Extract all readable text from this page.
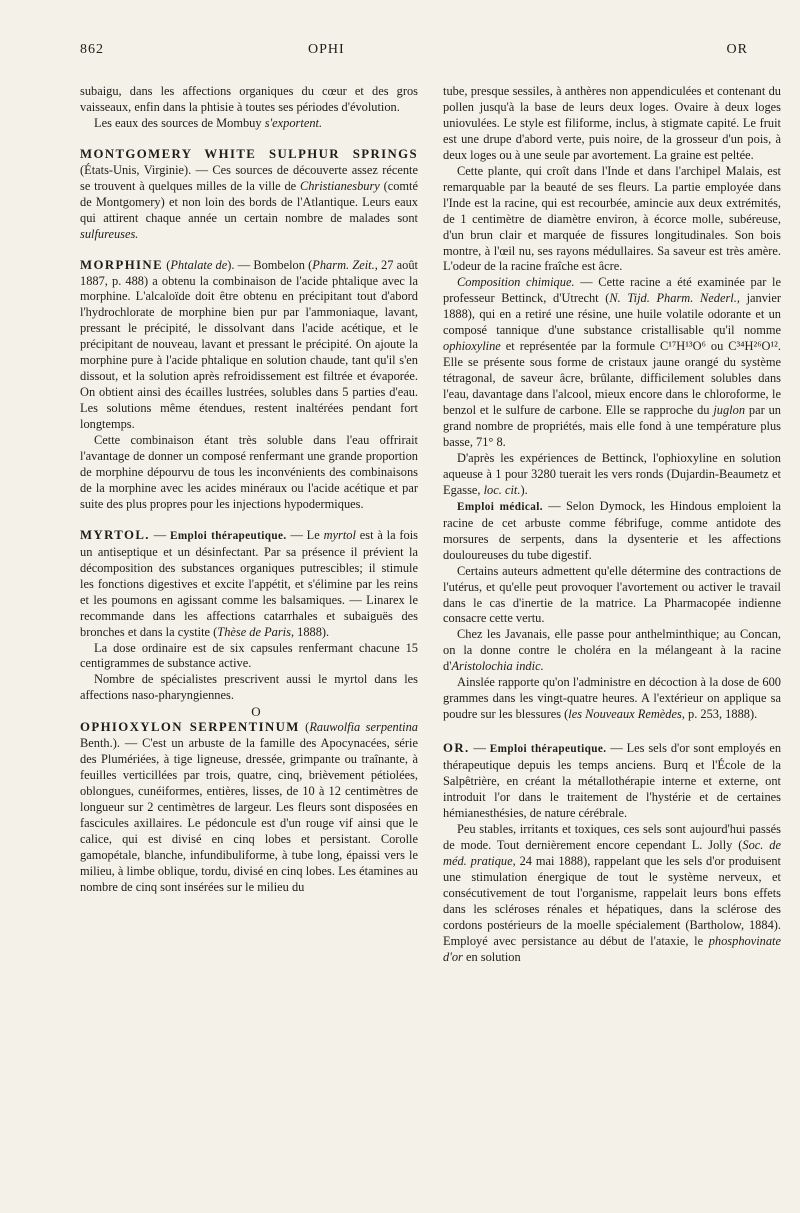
862	OPHI	OR

subaigu, dans les affections organiques du cœur et des gros vaisseaux, enfin dans la phtisie à toutes ses périodes d'évolution.

Les eaux des sources de Mombuy s'exportent.

MONTGOMERY WHITE SULPHUR SPRINGS (États-Unis, Virginie). — Ces sources de découverte assez récente se trouvent à quelques milles de la ville de Christianesbury (comté de Montgomery) et non loin des bords de l'Atlantique. Leurs eaux qui attirent chaque année un certain nombre de malades sont sulfureuses.

MORPHINE (Phtalate de). — Bombelon (Pharm. Zeit., 27 août 1887, p. 488) a obtenu la combinaison de l'acide phtalique avec la morphine. L'alcaloïde doit être obtenu en précipitant tout d'abord l'hydrochlorate de morphine bien pur par l'ammoniaque, lavant, pressant le précipité, le dissolvant dans l'acide acétique, et le précipitant de nouveau, lavant et pressant le précipité. On ajoute la morphine pure à l'acide phtalique en solution chaude, tant qu'il s'en dissout, et la solution après refroidissement est filtrée et évaporée. On obtient ainsi des écailles lustrées, solubles dans 5 parties d'eau. Les solutions même étendues, restent inaltérées pendant fort longtemps.

Cette combinaison étant très soluble dans l'eau offrirait l'avantage de donner un composé renfermant une grande proportion de morphine dépourvu de tous les inconvénients des combinaisons de la morphine avec les acides minéraux ou l'acide acétique et par suite des plus propres pour les injections hypodermiques.

MYRTOL. — Emploi thérapeutique. — Le myrtol est à la fois un antiseptique et un désinfectant. Par sa présence il prévient la décomposition des substances organiques putrescibles; il stimule les fonctions digestives et excite l'appétit, et s'élimine par les reins et les poumons en agissant comme les balsamiques. — Linarex le recommande dans les affections catarrhales et subaiguës des bronches et dans la cystite (Thèse de Paris, 1888).

La dose ordinaire est de six capsules renfermant chacune 15 centigrammes de substance active.

Nombre de spécialistes prescrivent aussi le myrtol dans les affections naso-pharyngiennes.

O

OPHIOXYLON SERPENTINUM (Rauwolfia serpentina Benth.). — C'est un arbuste de la famille des Apocynacées, série des Plumériées, à tige ligneuse, dressée, grimpante ou traînante, à feuilles verticillées par trois, quatre, cinq, brièvement pétiolées, oblongues, cunéiformes, entières, lisses, de 10 à 12 centimètres de longueur sur 2 centimètres de largeur. Les fleurs sont disposées en fascicules axillaires. Le pédoncule est d'un rouge vif ainsi que le calice, qui est divisé en cinq lobes et persistant. Corolle gamopétale, blanche, infundibuliforme, à tube long, épaissi vers le milieu, à limbe oblique, tordu, divisé en cinq lobes. Les étamines au nombre de cinq sont insérées sur le milieu du

tube, presque sessiles, à anthères non appendiculées et contenant du pollen jusqu'à la base de leurs deux loges. Ovaire à deux loges uniovulées. Le style est filiforme, inclus, à stigmate capité. Le fruit est une drupe d'abord verte, puis noire, de la grosseur d'un pois, à deux loges ou à une seule par avortement. La graine est peltée.

Cette plante, qui croît dans l'Inde et dans l'archipel Malais, est remarquable par la beauté de ses fleurs. La partie employée dans l'Inde est la racine, qui est recourbée, amincie aux deux extrémités, de 1 centimètre de diamètre environ, à écorce molle, subéreuse, d'un brun clair et marquée de fissures longitudinales. Son bois montre, à l'œil nu, ses rayons médullaires. Sa saveur est très amère. L'odeur de la racine fraîche est âcre.

Composition chimique. — Cette racine a été examinée par le professeur Bettinck, d'Utrecht (N. Tijd. Pharm. Nederl., janvier 1888), qui en a retiré une résine, une huile volatile odorante et un composé tannique d'une substance cristallisable qu'il nomme ophioxyline et représentée par la formule C¹⁷H¹³O⁶ ou C³⁴H²⁶O¹². Elle se présente sous forme de cristaux jaune orangé du système tétragonal, de saveur âcre, brûlante, difficilement solubles dans l'eau, davantage dans l'alcool, mieux encore dans le chloroforme, le benzol et le sulfure de carbone. Elle se rapproche du juglon par un grand nombre de propriétés, mais elle fond à une température plus basse, 71° 8.

D'après les expériences de Bettinck, l'ophioxyline en solution aqueuse à 1 pour 3280 tuerait les vers ronds (Dujardin-Beaumetz et Egasse, loc. cit.).

Emploi médical. — Selon Dymock, les Hindous emploient la racine de cet arbuste comme fébrifuge, comme antidote des morsures de serpents, dans la dysenterie et les affections douloureuses du tube digestif.

Certains auteurs admettent qu'elle détermine des contractions de l'utérus, et qu'elle peut provoquer l'avortement ou activer le travail dans le cas d'inertie de la matrice. La Pharmacopée indienne consacre cette vertu.

Chez les Javanais, elle passe pour anthelminthique; au Concan, on la donne contre le choléra en la mélangeant à la racine d'Aristolochia indic.

Ainslée rapporte qu'on l'administre en décoction à la dose de 600 grammes dans les vingt-quatre heures. A l'extérieur on applique sa poudre sur les blessures (les Nouveaux Remèdes, p. 253, 1888).

OR. — Emploi thérapeutique. — Les sels d'or sont employés en thérapeutique depuis les temps anciens. Burq et l'École de la Salpêtrière, en créant la métallothérapie interne et externe, ont introduit l'or dans le traitement de l'hystérie et de certaines hémianesthésies, de nature cérébrale.

Peu stables, irritants et toxiques, ces sels sont aujourd'hui passés de mode. Tout dernièrement encore cependant L. Jolly (Soc. de méd. pratique, 24 mai 1888), rappelant que les sels d'or produisent une stimulation énergique de tout le système nerveux, et consécutivement de tout l'organisme, rappelait leurs bons effets dans les scléroses rénales et hépatiques, dans la sclérose des cordons postérieurs de la moelle spécialement (Bartholow, 1884). Employé avec persistance au début de l'ataxie, le phosphovinate d'or en solution
